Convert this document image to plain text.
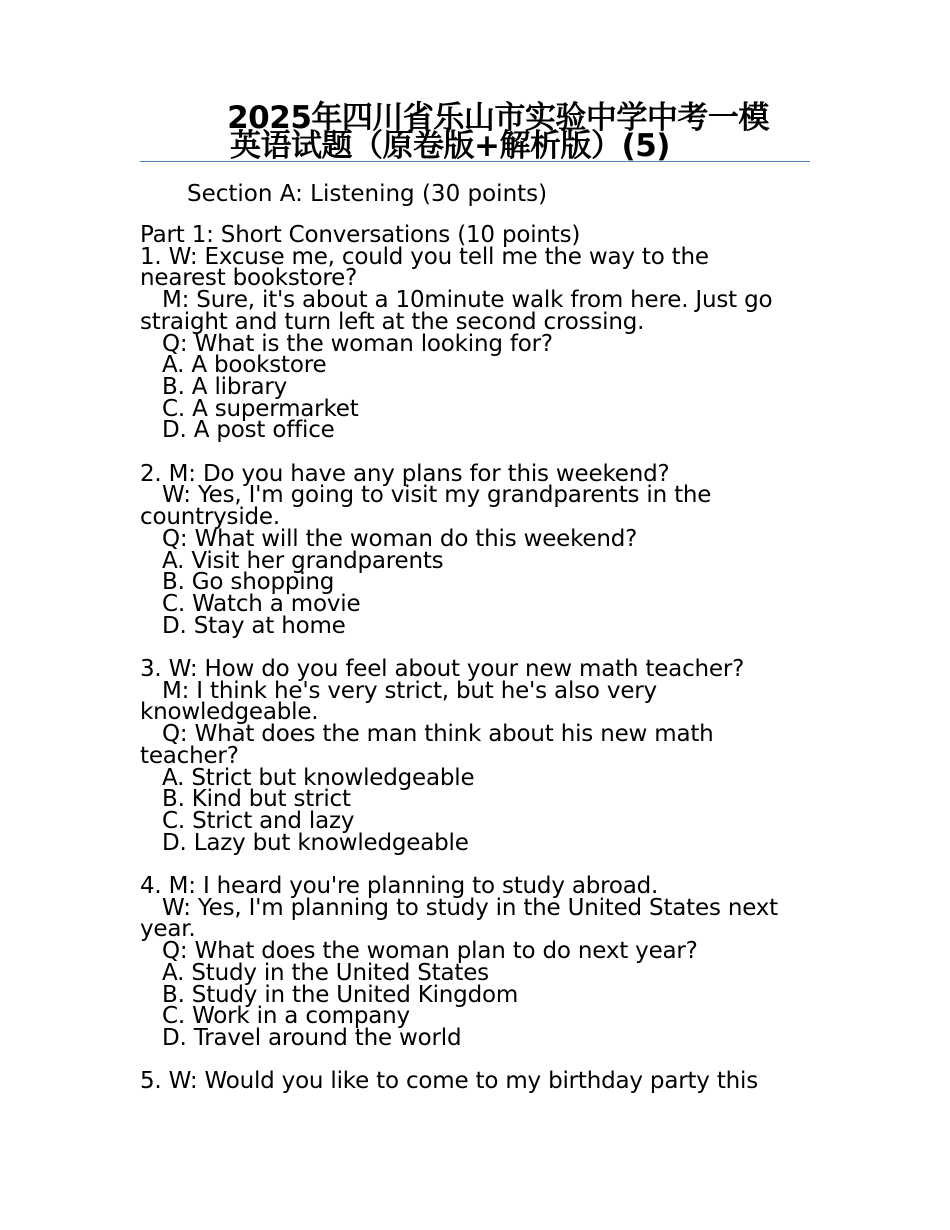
2025年四川省乐山市实验中学中考一模
英语试题（原卷版+解析版）(5)
Section A: Listening (30 points)
Part 1: Short Conversations (10 points)
1. W: Excuse me, could you tell me the way to the
nearest bookstore?
M: Sure, it's about a 10minute walk from here. Just go
straight and turn left at the second crossing.
Q: What is the woman looking for?
A. A bookstore
B. A library
C. A supermarket
D. A post office
2. M: Do you have any plans for this weekend?
W: Yes, I'm going to visit my grandparents in the
countryside.
Q: What will the woman do this weekend?
A. Visit her grandparents
B. Go shopping
C. Watch a movie
D. Stay at home
3. W: How do you feel about your new math teacher?
M: I think he's very strict, but he's also very
knowledgeable.
Q: What does the man think about his new math
teacher?
A. Strict but knowledgeable
B. Kind but strict
C. Strict and lazy
D. Lazy but knowledgeable
4. M: I heard you're planning to study abroad.
W: Yes, I'm planning to study in the United States next
year.
Q: What does the woman plan to do next year?
A. Study in the United States
B. Study in the United Kingdom
C. Work in a company
D. Travel around the world
5. W: Would you like to come to my birthday party this
